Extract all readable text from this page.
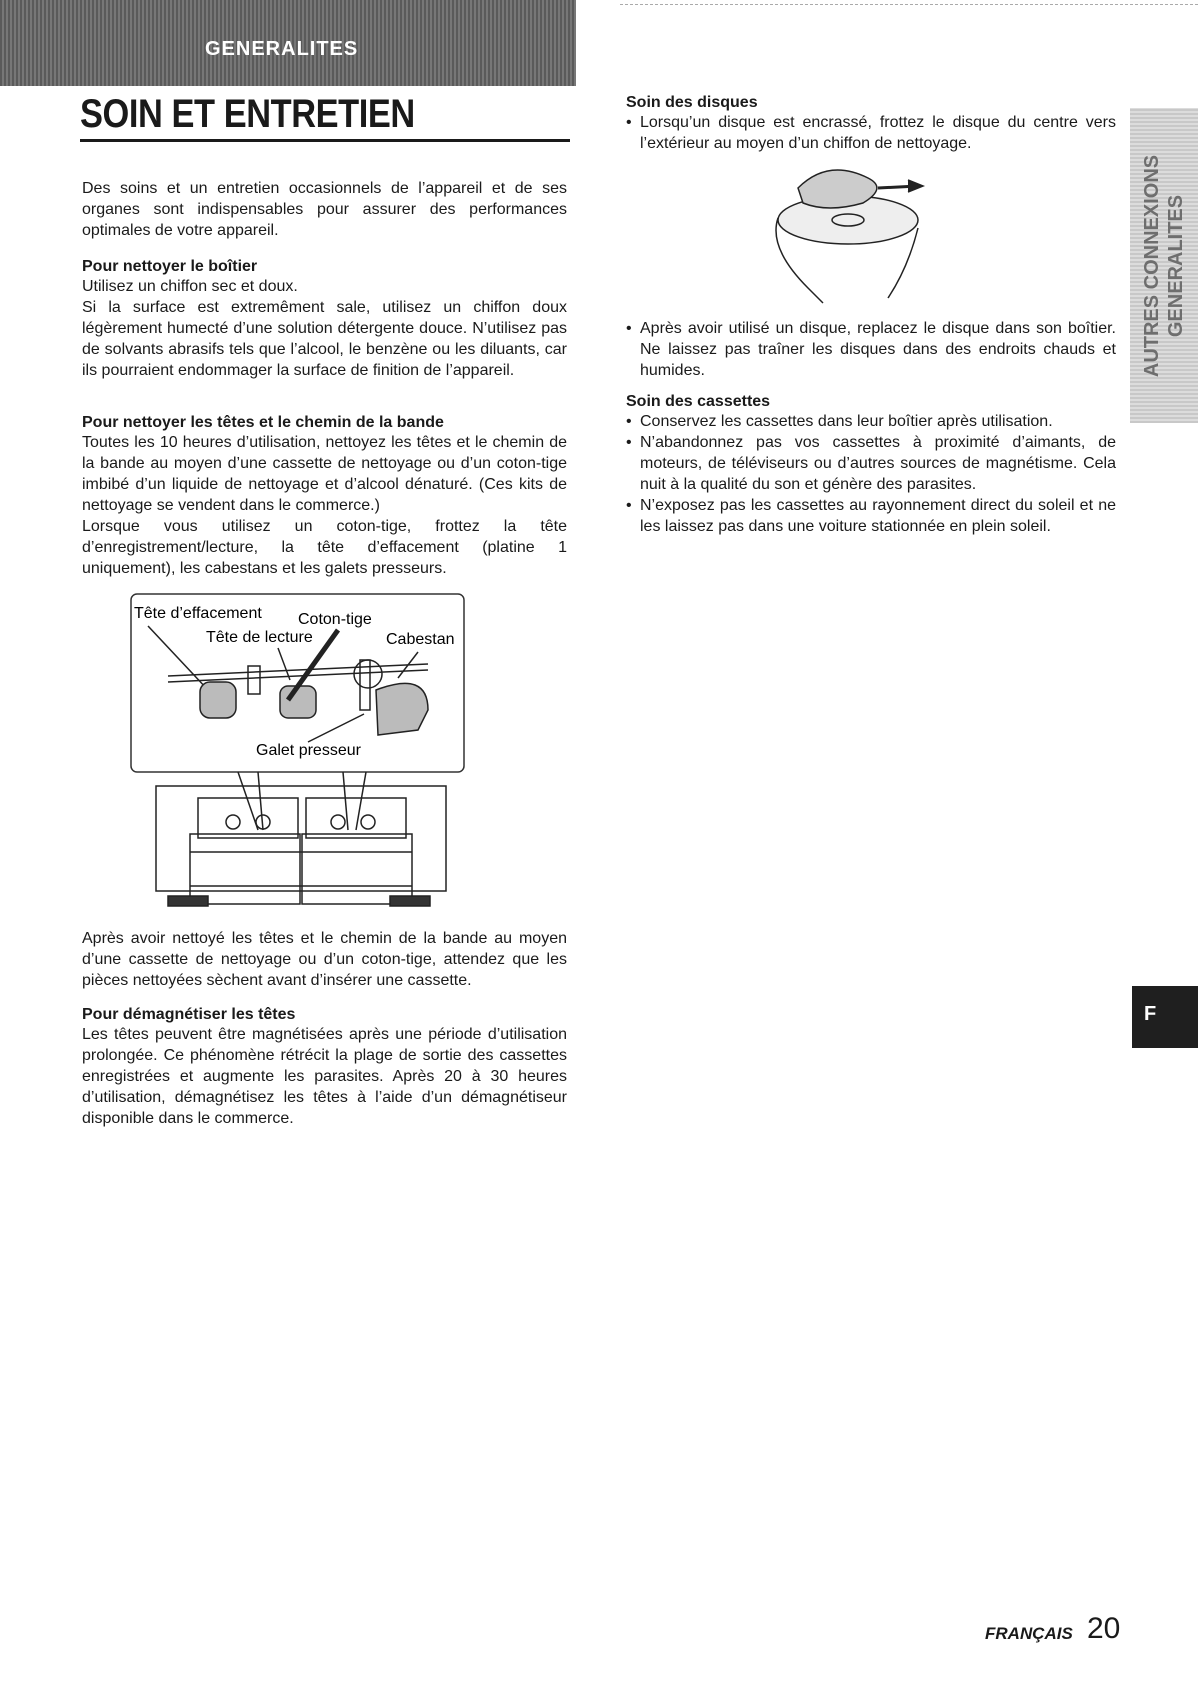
GENERALITES
SOIN ET ENTRETIEN

Des soins et un entretien occasionnels de l’appareil et de ses organes sont indispensables pour assurer des performances optimales de votre appareil.

Pour nettoyer le boîtier

Utilisez un chiffon sec et doux.

Si la surface est extremêment sale, utilisez un chiffon doux légèrement humecté d’une solution détergente douce. N’utilisez pas de solvants abrasifs tels que l’alcool, le benzène ou les diluants, car ils pourraient endommager la surface de finition de l’appareil.

Pour nettoyer les têtes et le chemin de la bande

Toutes les 10 heures d’utilisation, nettoyez les têtes et le chemin de la bande au moyen d’une cassette de nettoyage ou d’un coton-tige imbibé d’un liquide de nettoyage et d’alcool dénaturé. (Ces kits de nettoyage se vendent dans le commerce.)

Lorsque vous utilisez un coton-tige, frottez la tête d’enregistrement/lecture, la tête d’effacement (platine 1 uniquement), les cabestans et les galets presseurs.

Tête d’effacement Coton-tige
Tête de lecture	Cabestan
Galet presseur

Après avoir nettoyé les têtes et le chemin de la bande au moyen d’une cassette de nettoyage ou d’un coton-tige, attendez que les pièces nettoyées sèchent avant d’insérer une cassette.

Pour démagnétiser les têtes

Les têtes peuvent être magnétisées après une période d’utilisation prolongée. Ce phénomène rétrécit la plage de sortie des cassettes enregistrées et augmente les parasites. Après 20 à 30 heures d’utilisation, démagnétisez les têtes à l’aide d’un démagnétiseur disponible dans le commerce.

Soin des disques

• Lorsqu’un disque est encrassé, frottez le disque du centre vers l’extérieur au moyen d’un chiffon de nettoyage.
• Après avoir utilisé un disque, replacez le disque dans son boîtier. Ne laissez pas traîner les disques dans des endroits chauds et humides.

Soin des cassettes

• Conservez les cassettes dans leur boîtier après utilisation.
• N’abandonnez pas vos cassettes à proximité d’aimants, de moteurs, de téléviseurs ou d’autres sources de magnétisme. Cela nuit à la qualité du son et génère des parasites.
• N’exposez pas les cassettes au rayonnement direct du soleil et ne les laissez pas dans une voiture stationnée en plein soleil.
AUTRES CONNEXIONS GENERALITES
F
FRANÇAIS 20
